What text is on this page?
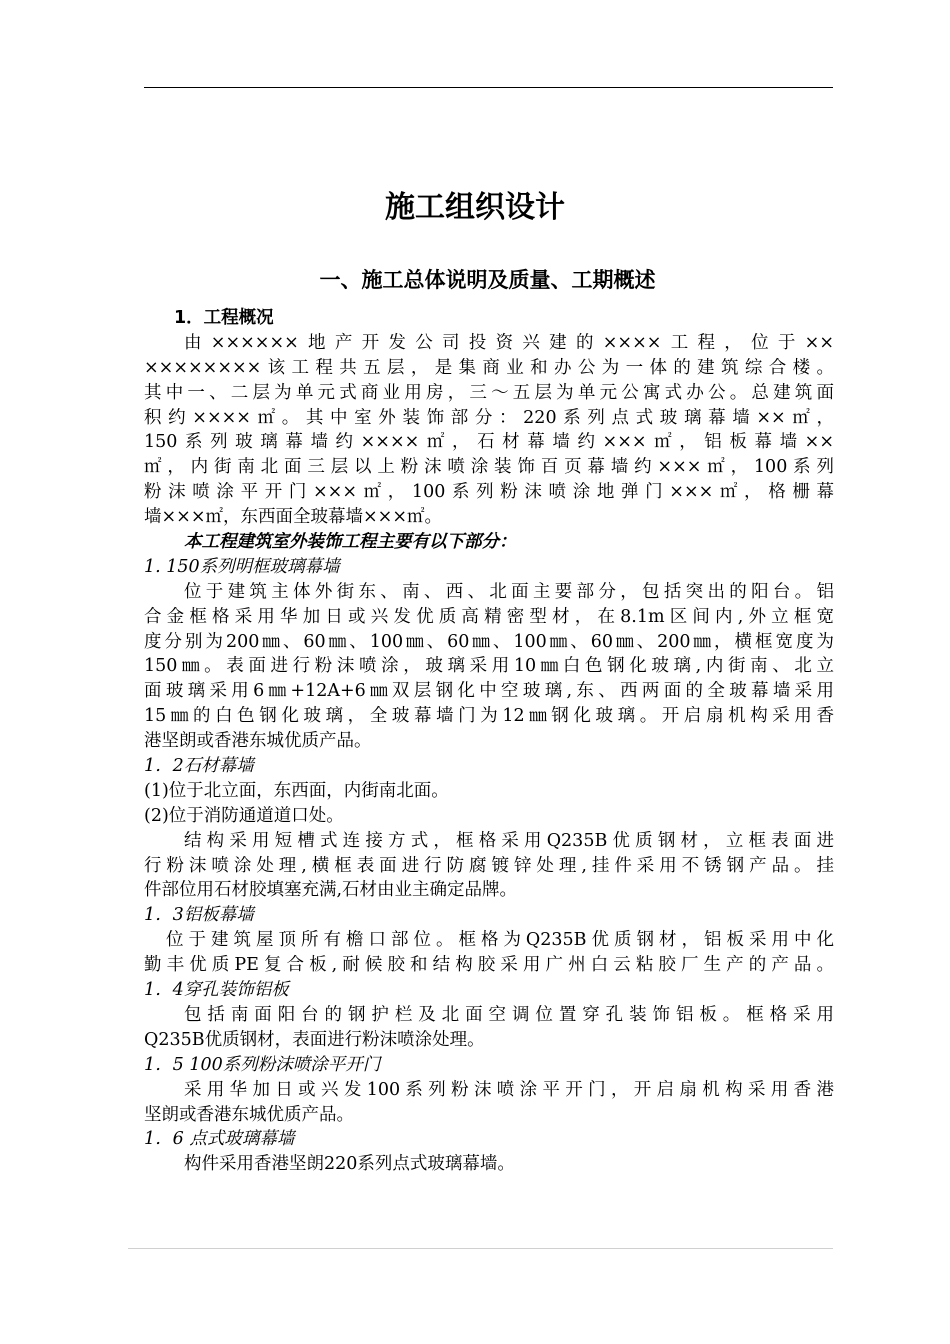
施工组织设计
一、施工总体说明及质量、工期概述
1．工程概况
由××××××地产开发公司投资兴建的××××工程，位于××
××××××××该工程共五层，是集商业和办公为一体的建筑综合楼。
其中一、二层为单元式商业用房，三～五层为单元公寓式办公。总建筑面
积约××××㎡。其中室外装饰部分：220系列点式玻璃幕墙××㎡，
150系列玻璃幕墙约××××㎡，石材幕墙约×××㎡，铝板幕墙××
㎡，内街南北面三层以上粉沫喷涂装饰百页幕墙约×××㎡，100系列
粉沫喷涂平开门×××㎡，100系列粉沫喷涂地弹门×××㎡，格栅幕
墙×××㎡，东西面全玻幕墙×××㎡。
本工程建筑室外装饰工程主要有以下部分：
1. 150系列明框玻璃幕墙
位于建筑主体外街东、南、西、北面主要部分，包括突出的阳台。铝
合金框格采用华加日或兴发优质高精密型材，在8.1m区间内,外立框宽
度分别为200㎜、60㎜、100㎜、60㎜、100㎜、60㎜、200㎜，横框宽度为
150㎜。表面进行粉沫喷涂，玻璃采用10㎜白色钢化玻璃,内街南、北立
面玻璃采用6㎜+12A+6㎜双层钢化中空玻璃,东、西两面的全玻幕墙采用
15㎜的白色钢化玻璃，全玻幕墙门为12㎜钢化玻璃。开启扇机构采用香
港坚朗或香港东城优质产品。
1．2石材幕墙
(1)位于北立面，东西面，内街南北面。
(2)位于消防通道道口处。
结构采用短槽式连接方式，框格采用Q235B优质钢材，立框表面进
行粉沫喷涂处理,横框表面进行防腐镀锌处理,挂件采用不锈钢产品。挂
件部位用石材胶填塞充满,石材由业主确定品牌。
1．3铝板幕墙
位于建筑屋顶所有檐口部位。框格为Q235B优质钢材，铝板采用中化
勤丰优质PE复合板,耐候胶和结构胶采用广州白云粘胶厂生产的产品。
1．4穿孔装饰铝板
包括南面阳台的钢护栏及北面空调位置穿孔装饰铝板。框格采用
Q235B优质钢材，表面进行粉沫喷涂处理。
1．5 100系列粉沫喷涂平开门
采用华加日或兴发100系列粉沫喷涂平开门，开启扇机构采用香港
坚朗或香港东城优质产品。
1．6 点式玻璃幕墙
构件采用香港坚朗220系列点式玻璃幕墙。
